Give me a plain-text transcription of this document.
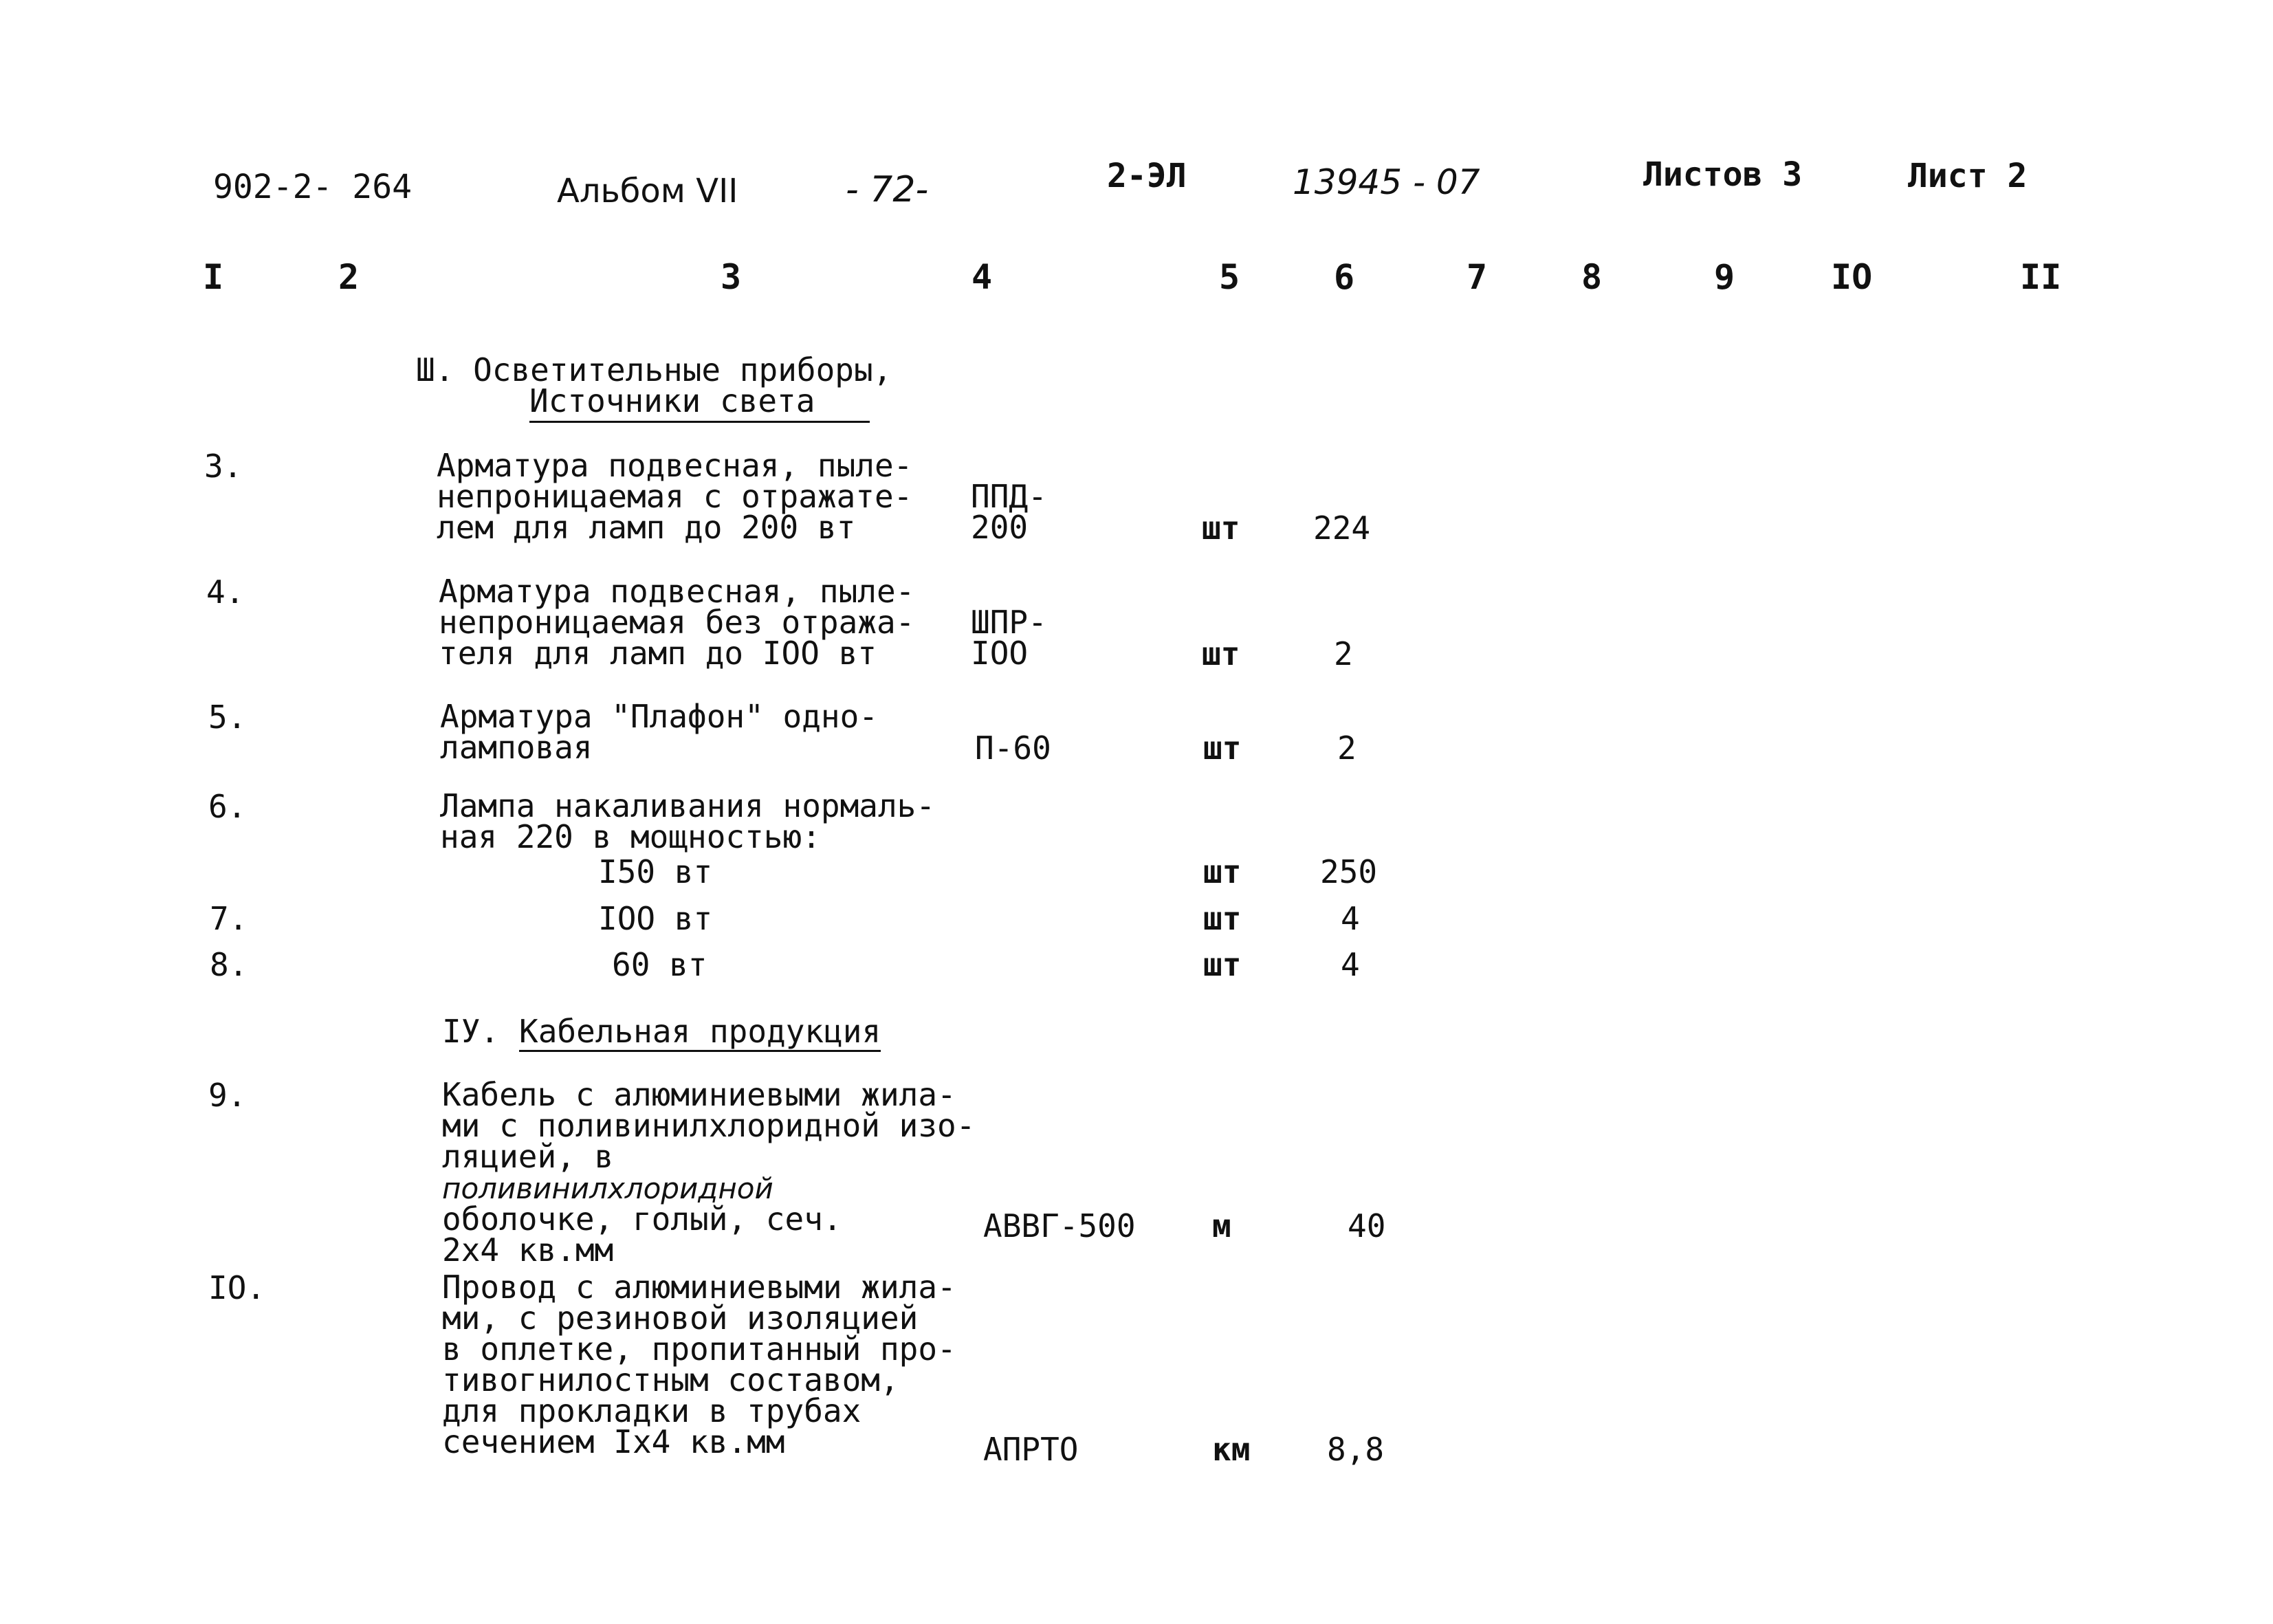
902-2- 264	Альбом VII	- 72-	2-ЭЛ	13945 - 07	Листов 3	Лист 2
I	2	3	4	5	6	7	8	9	IO	II
Ш. Осветительные приборы,
Источники света
3.	Арматура подвесная, пыле-
непроницаемая с отражате-
лем для ламп до 200 вт
ППД-
200	шт 224
4.	Арматура подвесная, пыле-
непроницаемая без отража-
теля для ламп до IOO вт
ШПР-
IOO	шт	2
5.	Арматура "Плафон" одно-
ламповая	П-60	шт	2
6.	Лампа накаливания нормаль-
ная 220 в мощностью:
I50 вт	шт 250
7.	IOO вт	шт	4
8.	60 вт	шт	4
IУ. Кабельная продукция
9.	Кабель с алюминиевыми жила-
ми с поливинилхлоридной изо-
ляцией, в
поливинилхлоридной
оболочке, голый, сеч.
2х4 кв.мм
АВВГ-500 м	40
IO.	Провод с алюминиевыми жила-
ми, с резиновой изоляцией
в оплетке, пропитанный про-
тивогнилостным составом,
для прокладки в трубах
сечением Iх4 кв.мм	АПРТО	км 8,8
